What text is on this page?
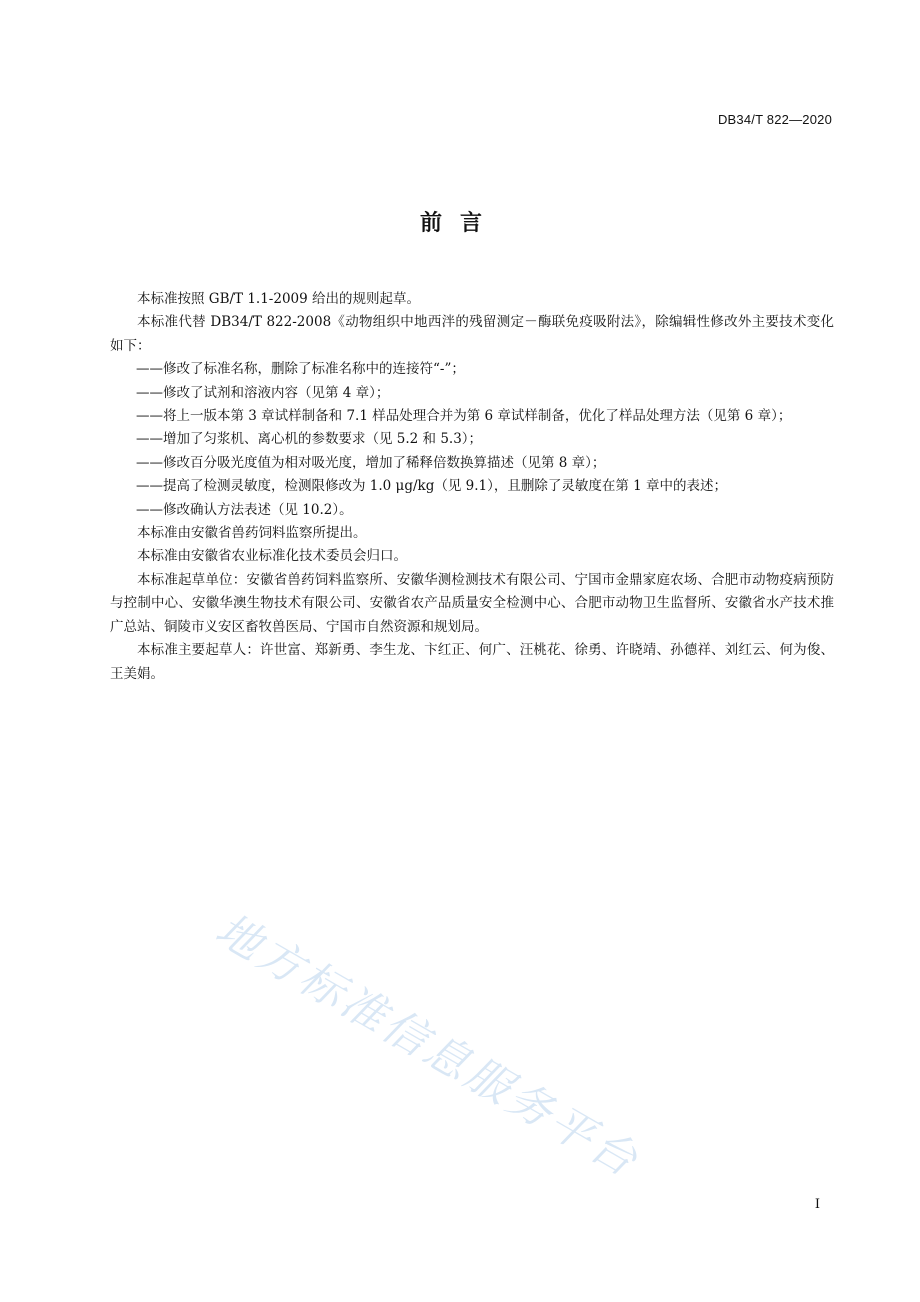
DB34/T 822—2020
前言

本标准按照 GB/T 1.1-2009 给出的规则起草。

本标准代替 DB34/T 822-2008《动物组织中地西泮的残留测定－酶联免疫吸附法》，除编辑性修改外主要技术变化如下：

——修改了标准名称，删除了标准名称中的连接符“-”；

——修改了试剂和溶液内容（见第 4 章）；

——将上一版本第 3 章试样制备和 7.1 样品处理合并为第 6 章试样制备，优化了样品处理方法（见第 6 章）；

——增加了匀浆机、离心机的参数要求（见 5.2 和 5.3）；

——修改百分吸光度值为相对吸光度，增加了稀释倍数换算描述（见第 8 章）；

——提高了检测灵敏度，检测限修改为 1.0 μg/kg（见 9.1），且删除了灵敏度在第 1 章中的表述；

——修改确认方法表述（见 10.2）。

本标准由安徽省兽药饲料监察所提出。

本标准由安徽省农业标准化技术委员会归口。

本标准起草单位：安徽省兽药饲料监察所、安徽华测检测技术有限公司、宁国市金鼎家庭农场、合肥市动物疫病预防与控制中心、安徽华澳生物技术有限公司、安徽省农产品质量安全检测中心、合肥市动物卫生监督所、安徽省水产技术推广总站、铜陵市义安区畜牧兽医局、宁国市自然资源和规划局。

本标准主要起草人：许世富、郑新勇、李生龙、卞红正、何广、汪桃花、徐勇、许晓靖、孙德祥、刘红云、何为俊、王美娟。

地方标准信息服务平台
I
